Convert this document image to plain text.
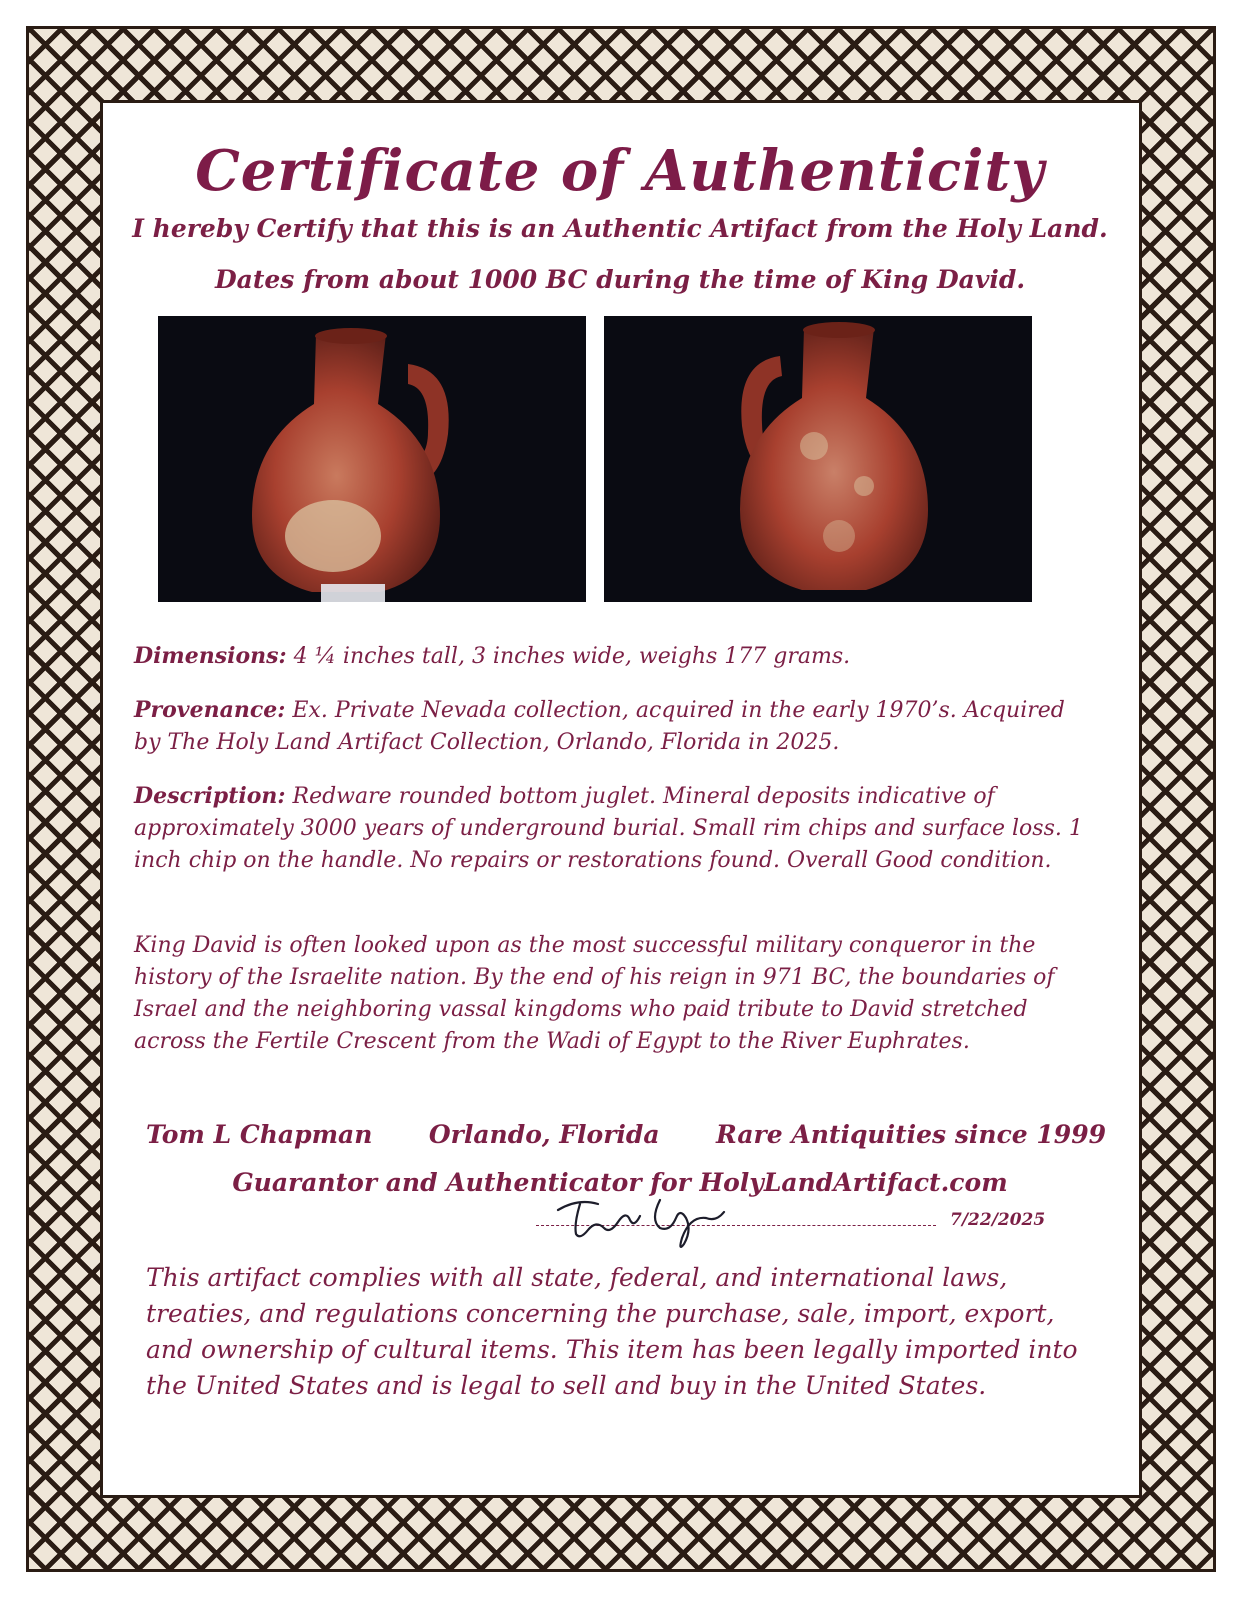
Certificate of Authenticity
I hereby Certify that this is an Authentic Artifact from the Holy Land.
Dates from about 1000 BC during the time of King David.
Dimensions: 4 ¼ inches tall, 3 inches wide, weighs 177 grams.
Provenance: Ex. Private Nevada collection, acquired in the early 1970’s. Acquired by The Holy Land Artifact Collection, Orlando, Florida in 2025.
Description: Redware rounded bottom juglet. Mineral deposits indicative of approximately 3000 years of underground burial. Small rim chips and surface loss. 1 inch chip on the handle. No repairs or restorations found. Overall Good condition.
King David is often looked upon as the most successful military conqueror in the history of the Israelite nation. By the end of his reign in 971 BC, the boundaries of Israel and the neighboring vassal kingdoms who paid tribute to David stretched across the Fertile Crescent from the Wadi of Egypt to the River Euphrates.
Tom L Chapman Orlando, Florida Rare Antiquities since 1999
Guarantor and Authenticator for HolyLandArtifact.com
7/22/2025
This artifact complies with all state, federal, and international laws, treaties, and regulations concerning the purchase, sale, import, export, and ownership of cultural items. This item has been legally imported into the United States and is legal to sell and buy in the United States.
